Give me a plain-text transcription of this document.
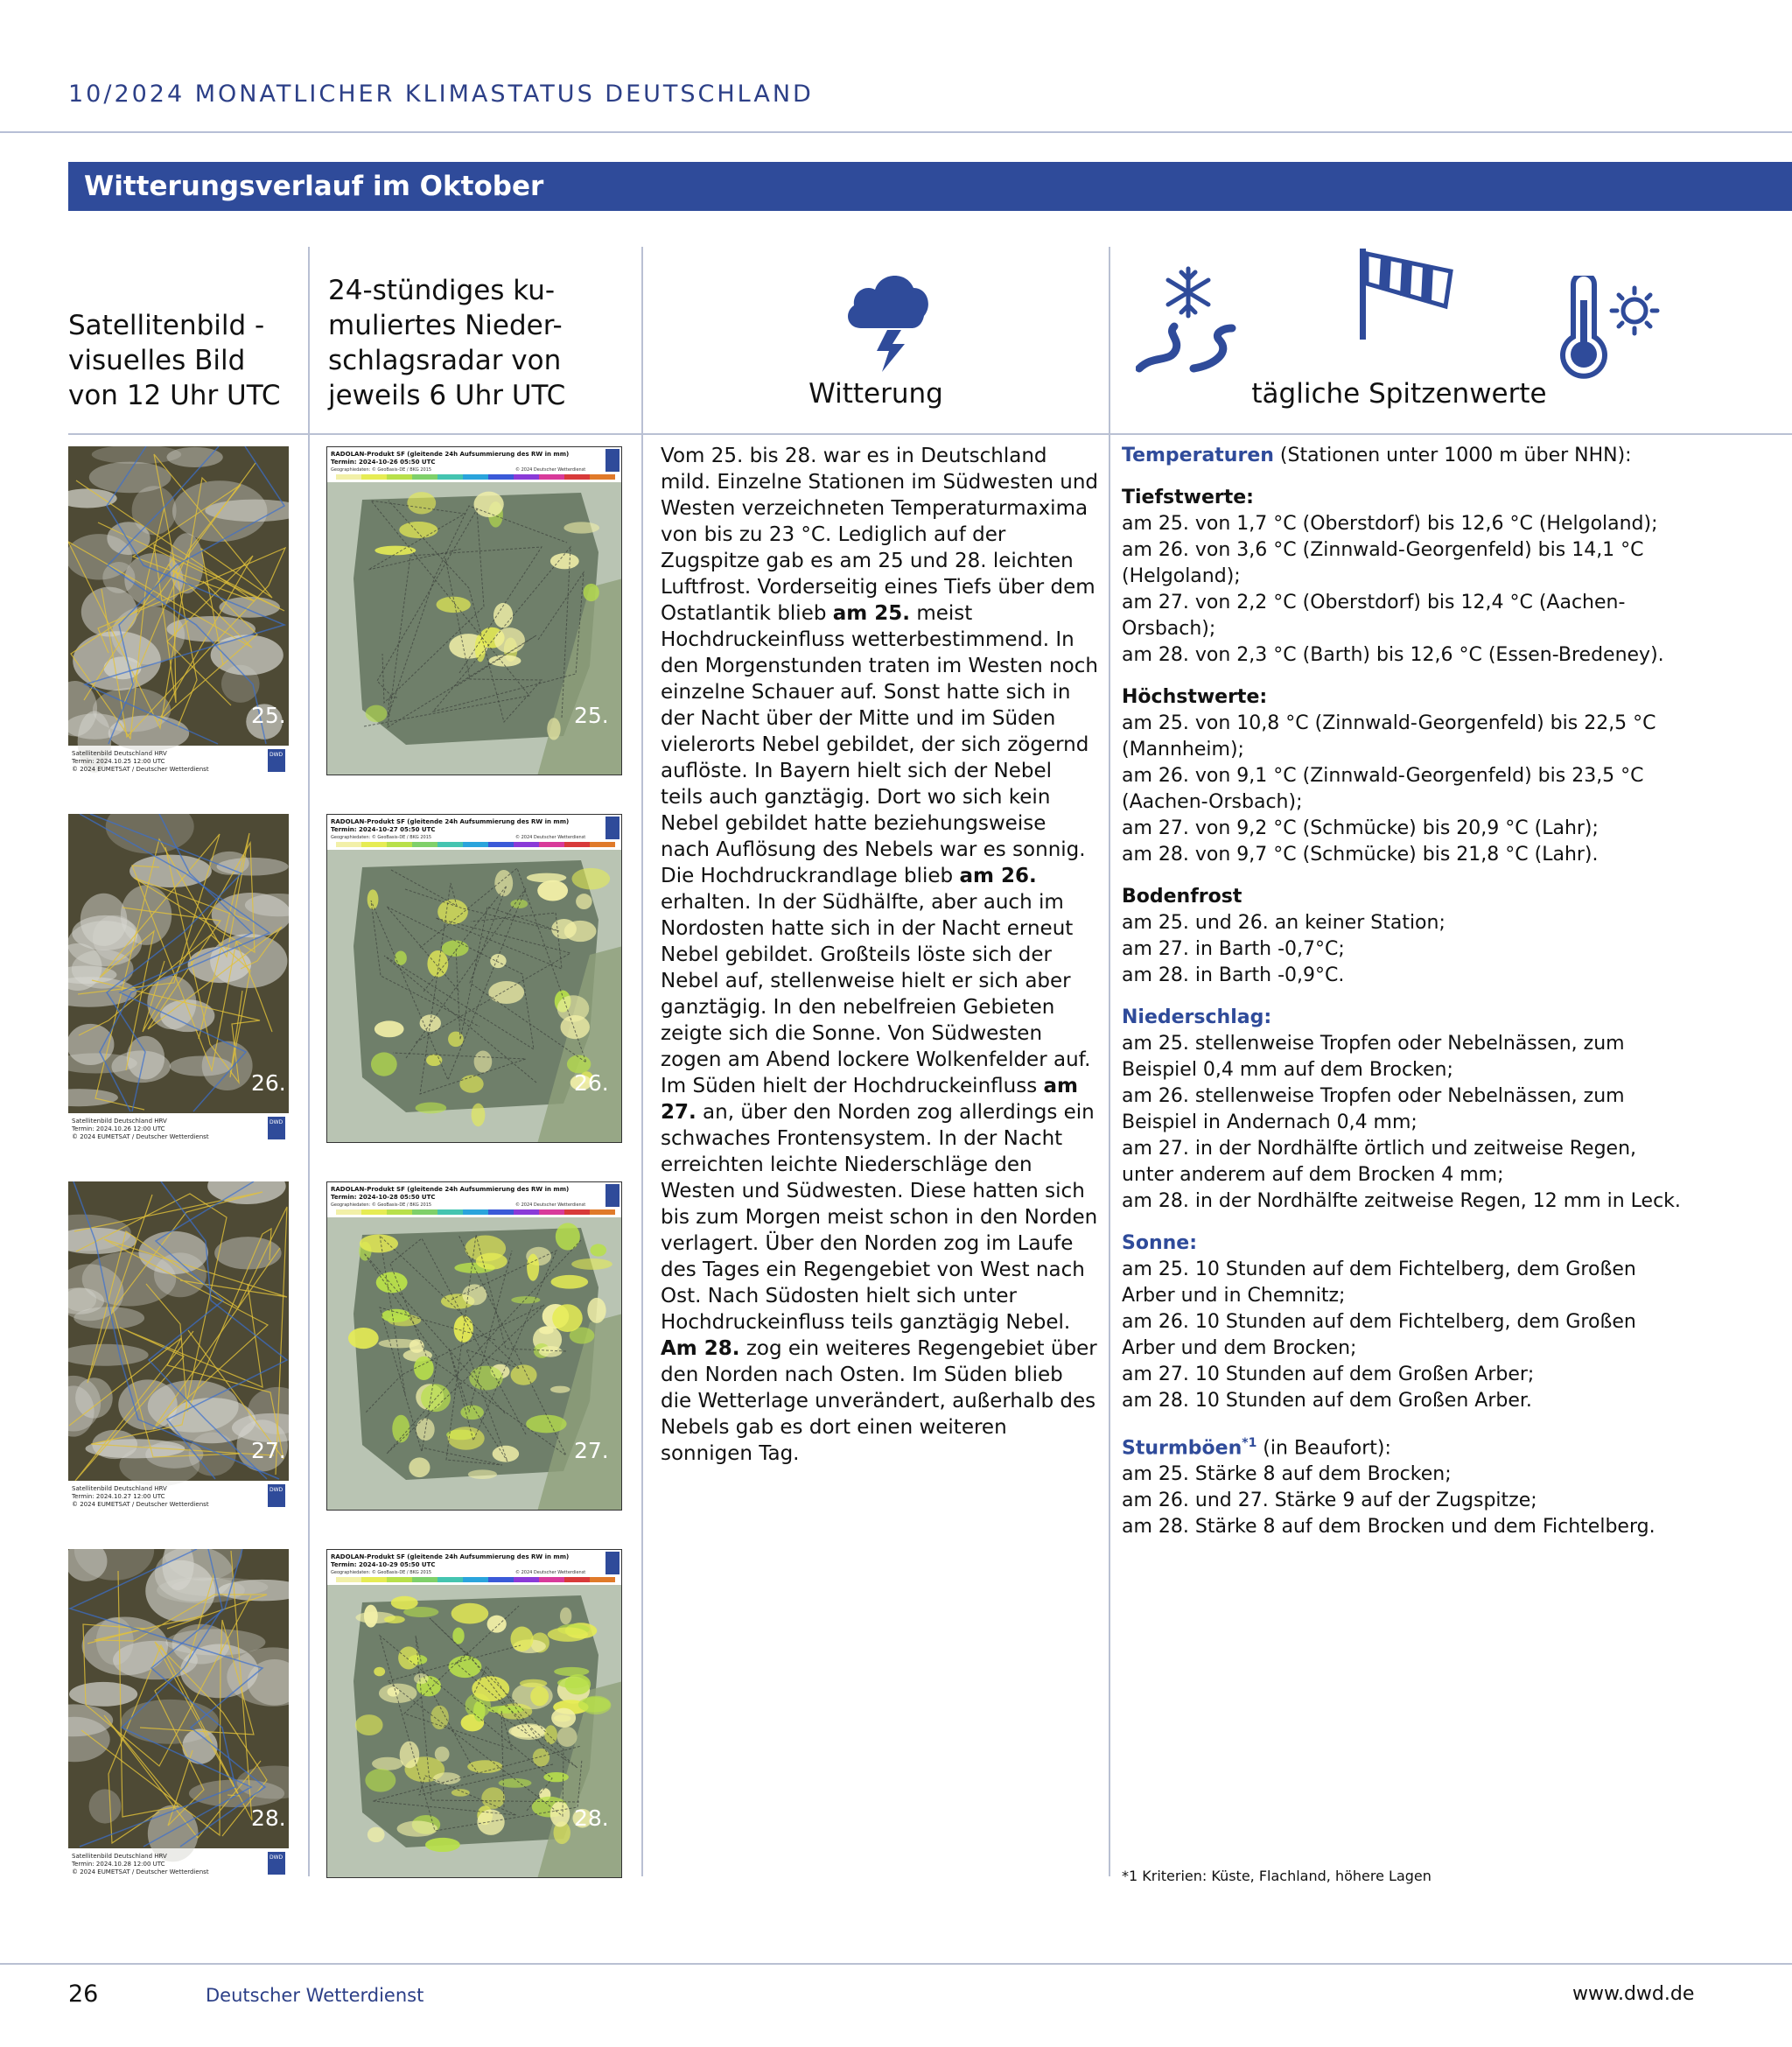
10/2024 MONATLICHER KLIMASTATUS DEUTSCHLAND
Witterungsverlauf im Oktober
Satellitenbild -
visuelles Bild
von 12 Uhr UTC
24-stündiges ku-
muliertes Nieder-
schlagsradar von
jeweils 6 Uhr UTC	Witterung	tägliche Spitzenwerte
Satellitenbild Deutschland HRV
Termin: 2024.10.25 12:00 UTC
© 2024 EUMETSAT / Deutscher Wetterdienst
DWD
25.
Satellitenbild Deutschland HRV
Termin: 2024.10.26 12:00 UTC
© 2024 EUMETSAT / Deutscher Wetterdienst
DWD
26.
Satellitenbild Deutschland HRV
Termin: 2024.10.27 12:00 UTC
© 2024 EUMETSAT / Deutscher Wetterdienst
DWD
27.
Satellitenbild Deutschland HRV
Termin: 2024.10.28 12:00 UTC
© 2024 EUMETSAT / Deutscher Wetterdienst
DWD
28.
RADOLAN-Produkt SF (gleitende 24h Aufsummierung des RW in mm)
Termin: 2024-10-26 05:50 UTC
Geographiedaten: © GeoBasis-DE / BKG 2015	© 2024 Deutscher Wetterdienst
25.
RADOLAN-Produkt SF (gleitende 24h Aufsummierung des RW in mm)
Termin: 2024-10-27 05:50 UTC
Geographiedaten: © GeoBasis-DE / BKG 2015	© 2024 Deutscher Wetterdienst
26.
RADOLAN-Produkt SF (gleitende 24h Aufsummierung des RW in mm)
Termin: 2024-10-28 05:50 UTC
Geographiedaten: © GeoBasis-DE / BKG 2015	© 2024 Deutscher Wetterdienst
27.
RADOLAN-Produkt SF (gleitende 24h Aufsummierung des RW in mm)
Termin: 2024-10-29 05:50 UTC
Geographiedaten: © GeoBasis-DE / BKG 2015	© 2024 Deutscher Wetterdienst
28.
Vom 25. bis 28. war es in Deutschland mild. Einzelne Stationen im Südwesten und Westen verzeichneten Temperaturmaxima von bis zu 23 °C. Lediglich auf der Zugspitze gab es am 25 und 28. leichten Luftfrost. Vorderseitig eines Tiefs über dem Ostatlantik blieb am 25. meist Hochdruckeinfluss wetterbestimmend. In den Morgenstunden traten im Westen noch einzelne Schauer auf. Sonst hatte sich in der Nacht über der Mitte und im Süden vielerorts Nebel gebildet, der sich zögernd auflöste. In Bayern hielt sich der Nebel teils auch ganztägig. Dort wo sich kein Nebel gebildet hatte beziehungsweise nach Auflösung des Nebels war es sonnig.
Die Hochdruckrandlage blieb am 26. erhalten. In der Südhälfte, aber auch im Nordosten hatte sich in der Nacht erneut Nebel gebildet. Großteils löste sich der Nebel auf, stellenweise hielt er sich aber ganztägig. In den nebelfreien Gebieten zeigte sich die Sonne. Von Südwesten zogen am Abend lockere Wolkenfelder auf. Im Süden hielt der Hochdruckeinfluss am 27. an, über den Norden zog allerdings ein schwaches Frontensystem. In der Nacht erreichten leichte Niederschläge den Westen und Südwesten. Diese hatten sich bis zum Morgen meist schon in den Norden verlagert. Über den Norden zog im Laufe des Tages ein Regengebiet von West nach Ost. Nach Südosten hielt sich unter Hochdruckeinfluss teils ganztägig Nebel. Am 28. zog ein weiteres Regengebiet über den Norden nach Osten. Im Süden blieb die Wetterlage unverändert, außerhalb des Nebels gab es dort einen weiteren sonnigen Tag.
Temperaturen (Stationen unter 1000 m über NHN):
Tiefstwerte:
am 25. von 1,7 °C (Oberstdorf) bis 12,6 °C (Helgoland);
am 26. von 3,6 °C (Zinnwald-Georgenfeld) bis 14,1 °C
(Helgoland);
am 27. von 2,2 °C (Oberstdorf) bis 12,4 °C (Aachen-
Orsbach);
am 28. von 2,3 °C (Barth) bis 12,6 °C (Essen-Bredeney).
Höchstwerte:
am 25. von 10,8 °C (Zinnwald-Georgenfeld) bis 22,5 °C
(Mannheim);
am 26. von 9,1 °C (Zinnwald-Georgenfeld) bis 23,5 °C
(Aachen-Orsbach);
am 27. von 9,2 °C (Schmücke) bis 20,9 °C (Lahr);
am 28. von 9,7 °C (Schmücke) bis 21,8 °C (Lahr).
Bodenfrost
am 25. und 26. an keiner Station;
am 27. in Barth -0,7°C;
am 28. in Barth -0,9°C.
Niederschlag:
am 25. stellenweise Tropfen oder Nebelnässen, zum
Beispiel 0,4 mm auf dem Brocken;
am 26. stellenweise Tropfen oder Nebelnässen, zum
Beispiel in Andernach 0,4 mm;
am 27. in der Nordhälfte örtlich und zeitweise Regen,
unter anderem auf dem Brocken 4 mm;
am 28. in der Nordhälfte zeitweise Regen, 12 mm in Leck.
Sonne:
am 25. 10 Stunden auf dem Fichtelberg, dem Großen
Arber und in Chemnitz;
am 26. 10 Stunden auf dem Fichtelberg, dem Großen
Arber und dem Brocken;
am 27. 10 Stunden auf dem Großen Arber;
am 28. 10 Stunden auf dem Großen Arber.
Sturmböen$^{*1}$ (in Beaufort):
am 25. Stärke 8 auf dem Brocken;
am 26. und 27. Stärke 9 auf der Zugspitze;
am 28. Stärke 8 auf dem Brocken und dem Fichtelberg.
*1 Kriterien: Küste, Flachland, höhere Lagen
26	Deutscher Wetterdienst	www.dwd.de
